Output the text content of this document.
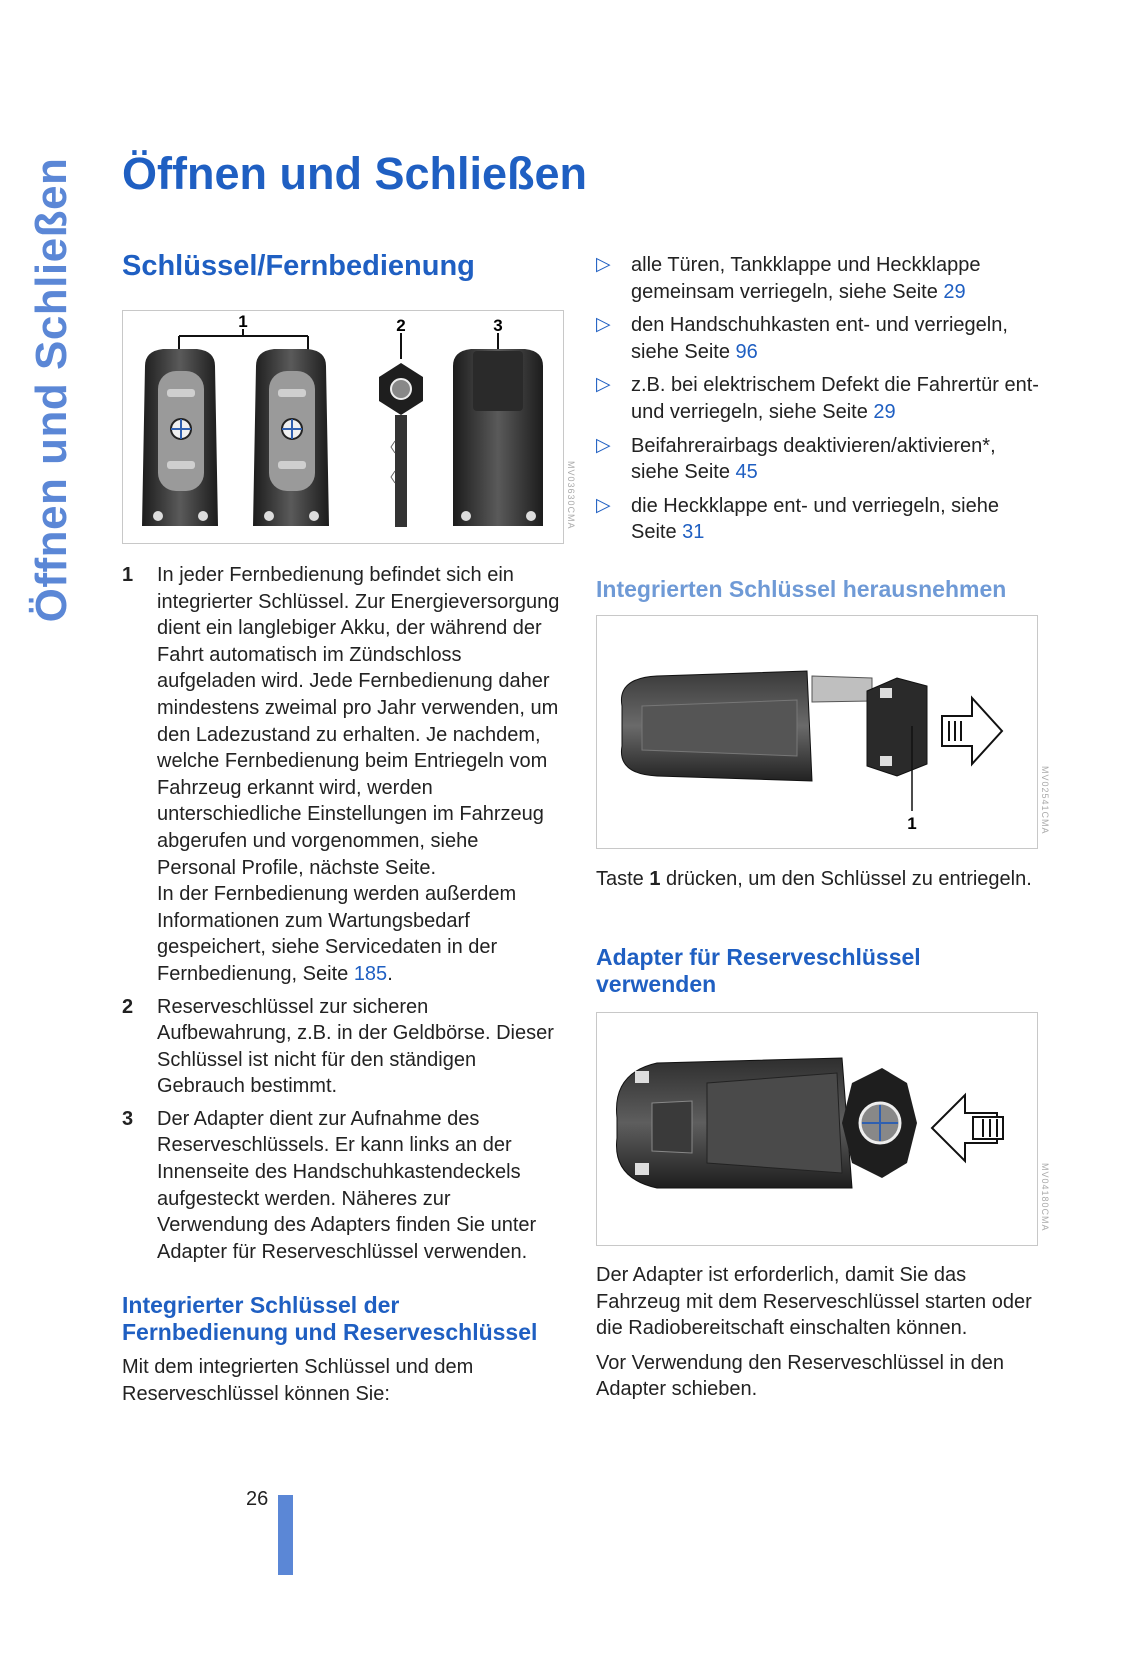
Öffnen und Schließen Öffnen und Schließen
Schlüssel/Fernbedienung
1	2	3
MV03630CMA
1 In jeder Fernbedienung befindet sich ein integrierter Schlüssel. Zur Energieversorgung dient ein langlebiger Akku, der während der Fahrt automatisch im Zündschloss aufgeladen wird. Jede Fernbedienung daher mindestens zweimal pro Jahr verwenden, um den Ladezustand zu erhalten. Je nachdem, welche Fernbedienung beim Entriegeln vom Fahrzeug erkannt wird, werden unterschiedliche Einstellungen im Fahrzeug abgerufen und vorgenommen, siehe Personal Profile, nächste Seite.
In der Fernbedienung werden außerdem Informationen zum Wartungsbedarf gespeichert, siehe Servicedaten in der Fernbedienung, Seite 185.
2 Reserveschlüssel zur sicheren Aufbewahrung, z.B. in der Geldbörse. Dieser Schlüssel ist nicht für den ständigen Gebrauch bestimmt.
3 Der Adapter dient zur Aufnahme des Reserveschlüssels. Er kann links an der Innenseite des Handschuhkastendeckels aufgesteckt werden. Näheres zur Verwendung des Adapters finden Sie unter Adapter für Reserveschlüssel verwenden.
Integrierter Schlüssel der
Fernbedienung und Reserveschlüssel
Mit dem integrierten Schlüssel und dem Reserveschlüssel können Sie:
▷ alle Türen, Tankklappe und Heckklappe gemeinsam verriegeln, siehe Seite 29
▷ den Handschuhkasten ent- und verriegeln, siehe Seite 96
▷ z.B. bei elektrischem Defekt die Fahrertür ent- und verriegeln, siehe Seite 29
▷ Beifahrerairbags deaktivieren/aktivieren*, siehe Seite 45
▷ die Heckklappe ent- und verriegeln, siehe Seite 31
Integrierten Schlüssel herausnehmen
1	MV02541CMA
Taste 1 drücken, um den Schlüssel zu entriegeln.
Adapter für Reserveschlüssel
verwenden
MV04180CMA

Der Adapter ist erforderlich, damit Sie das Fahrzeug mit dem Reserveschlüssel starten oder die Radiobereitschaft einschalten können.

Vor Verwendung den Reserveschlüssel in den Adapter schieben.

26
